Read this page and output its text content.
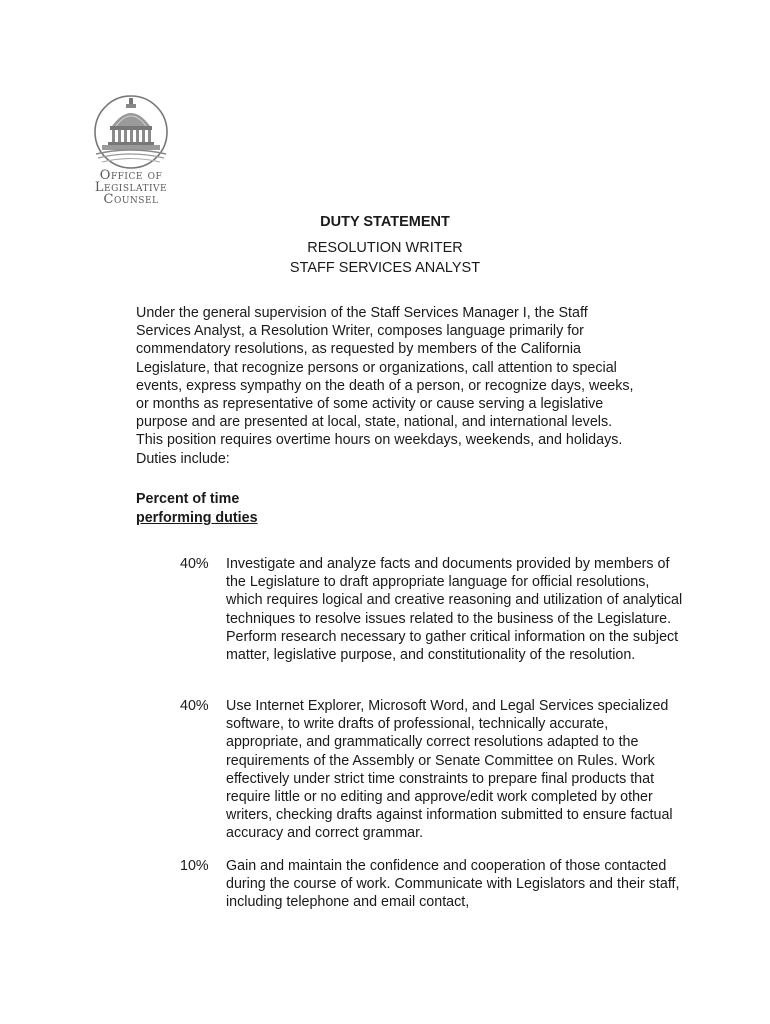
Office of
Legislative
Counsel
DUTY STATEMENT
RESOLUTION WRITER
STAFF SERVICES ANALYST

Under the general supervision of the Staff Services Manager I, the Staff Services Analyst, a Resolution Writer, composes language primarily for commendatory resolutions, as requested by members of the California Legislature, that recognize persons or organizations, call attention to special events, express sympathy on the death of a person, or recognize days, weeks, or months as representative of some activity or cause serving a legislative purpose and are presented at local, state, national, and international levels. This position requires overtime hours on weekdays, weekends, and holidays. Duties include:

Percent of time
performing duties
40% Investigate and analyze facts and documents provided by members of the Legislature to draft appropriate language for official resolutions, which requires logical and creative reasoning and utilization of analytical techniques to resolve issues related to the business of the Legislature. Perform research necessary to gather critical information on the subject matter, legislative purpose, and constitutionality of the resolution.

40% Use Internet Explorer, Microsoft Word, and Legal Services specialized software, to write drafts of professional, technically accurate, appropriate, and grammatically correct resolutions adapted to the requirements of the Assembly or Senate Committee on Rules. Work effectively under strict time constraints to prepare final products that require little or no editing and approve/edit work completed by other writers, checking drafts against information submitted to ensure factual accuracy and correct grammar.

10% Gain and maintain the confidence and cooperation of those contacted during the course of work. Communicate with Legislators and their staff, including telephone and email contact,
